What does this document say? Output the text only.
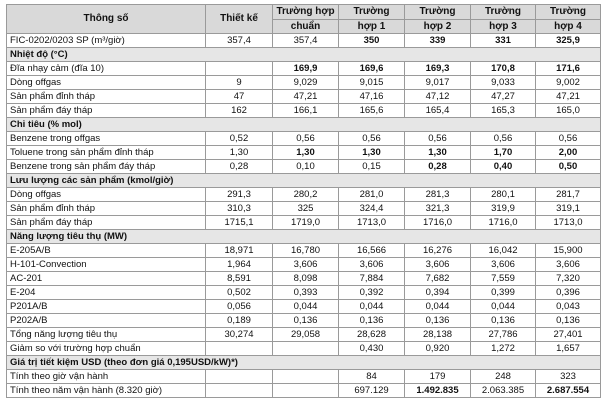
Thông số	Thiết kế	Trường hợp	Trường	Trường	Trường	Trường
		chuẩn	hợp 1	hợp 2	hợp 3	hợp 4
FIC-0202/0203 SP (m³/giờ)	357,4	357,4	350	339	331	325,9
Nhiệt độ (°C)						
Đĩa nhạy cảm (đĩa 10)		169,9	169,6	169,3	170,8	171,6
Dòng offgas	9	9,029	9,015	9,017	9,033	9,002
Sản phẩm đỉnh tháp	47	47,21	47,16	47,12	47,27	47,21
Sản phẩm đáy tháp	162	166,1	165,6	165,4	165,3	165,0
Chỉ tiêu (% mol)						
Benzene trong offgas	0,52	0,56	0,56	0,56	0,56	0,56
Toluene trong sản phẩm đỉnh tháp	1,30	1,30	1,30	1,30	1,70	2,00
Benzene trong sản phẩm đáy tháp	0,28	0,10	0,15	0,28	0,40	0,50
Lưu lượng các sản phẩm (kmol/giờ)						
Dòng offgas	291,3	280,2	281,0	281,3	280,1	281,7
Sản phẩm đỉnh tháp	310,3	325	324,4	321,3	319,9	319,1
Sản phẩm đáy tháp	1715,1	1719,0	1713,0	1716,0	1716,0	1713,0
Năng lượng tiêu thụ (MW)						
E-205A/B	18,971	16,780	16,566	16,276	16,042	15,900
H-101-Convection	1,964	3,606	3,606	3,606	3,606	3,606
AC-201	8,591	8,098	7,884	7,682	7,559	7,320
E-204	0,502	0,393	0,392	0,394	0,399	0,396
P201A/B	0,056	0,044	0,044	0,044	0,044	0,043
P202A/B	0,189	0,136	0,136	0,136	0,136	0,136
Tổng năng lượng tiêu thụ	30,274	29,058	28,628	28,138	27,786	27,401
Giảm so với trường hợp chuẩn			0,430	0,920	1,272	1,657
Giá trị tiết kiệm USD (theo đơn giá 0,195USD/kW)*)						
Tính theo giờ vận hành			84	179	248	323
Tính theo năm vận hành (8.320 giờ)			697.129	1.492.835	2.063.385	2.687.554
